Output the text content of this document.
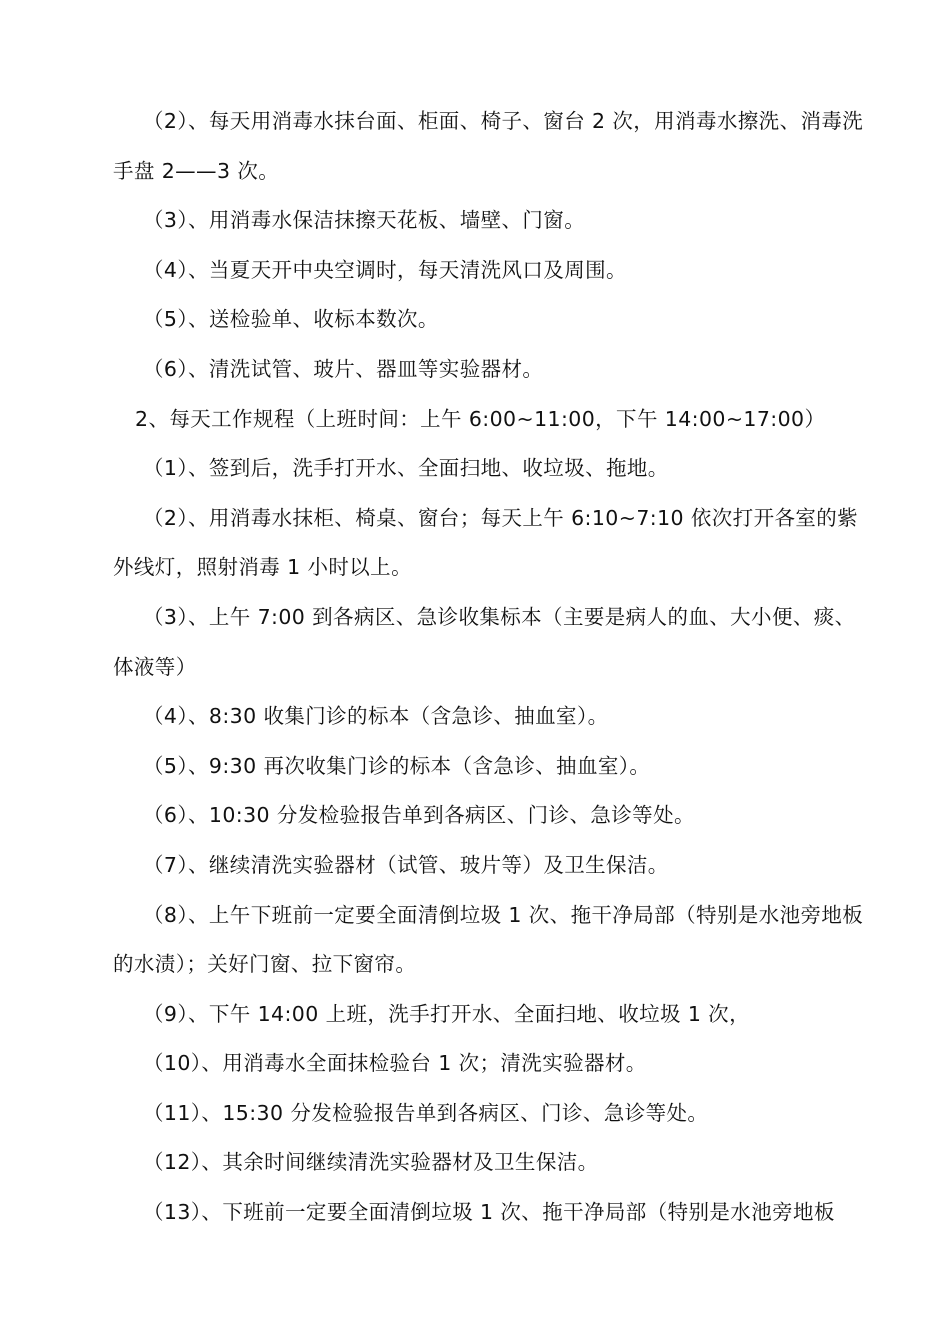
（2）、每天用消毒水抹台面、柜面、椅子、窗台 2 次，用消毒水擦洗、消毒洗手盘 2——3 次。

（3）、用消毒水保洁抹擦天花板、墙壁、门窗。

（4）、当夏天开中央空调时，每天清洗风口及周围。

（5）、送检验单、收标本数次。

（6）、清洗试管、玻片、器皿等实验器材。

2、每天工作规程（上班时间：上午 6:00~11:00，下午 14:00~17:00）

（1）、签到后，洗手打开水、全面扫地、收垃圾、拖地。

（2）、用消毒水抹柜、椅桌、窗台；每天上午 6:10~7:10 依次打开各室的紫外线灯，照射消毒 1 小时以上。

（3）、上午 7:00 到各病区、急诊收集标本（主要是病人的血、大小便、痰、体液等）

（4）、8:30 收集门诊的标本（含急诊、抽血室）。

（5）、9:30 再次收集门诊的标本（含急诊、抽血室）。

（6）、10:30 分发检验报告单到各病区、门诊、急诊等处。

（7）、继续清洗实验器材（试管、玻片等）及卫生保洁。

（8）、上午下班前一定要全面清倒垃圾 1 次、拖干净局部（特别是水池旁地板的水渍）；关好门窗、拉下窗帘。

（9）、下午 14:00 上班，洗手打开水、全面扫地、收垃圾 1 次，

（10）、用消毒水全面抹检验台 1 次；清洗实验器材。

（11）、15:30 分发检验报告单到各病区、门诊、急诊等处。

（12）、其余时间继续清洗实验器材及卫生保洁。

（13）、下班前一定要全面清倒垃圾 1 次、拖干净局部（特别是水池旁地板
